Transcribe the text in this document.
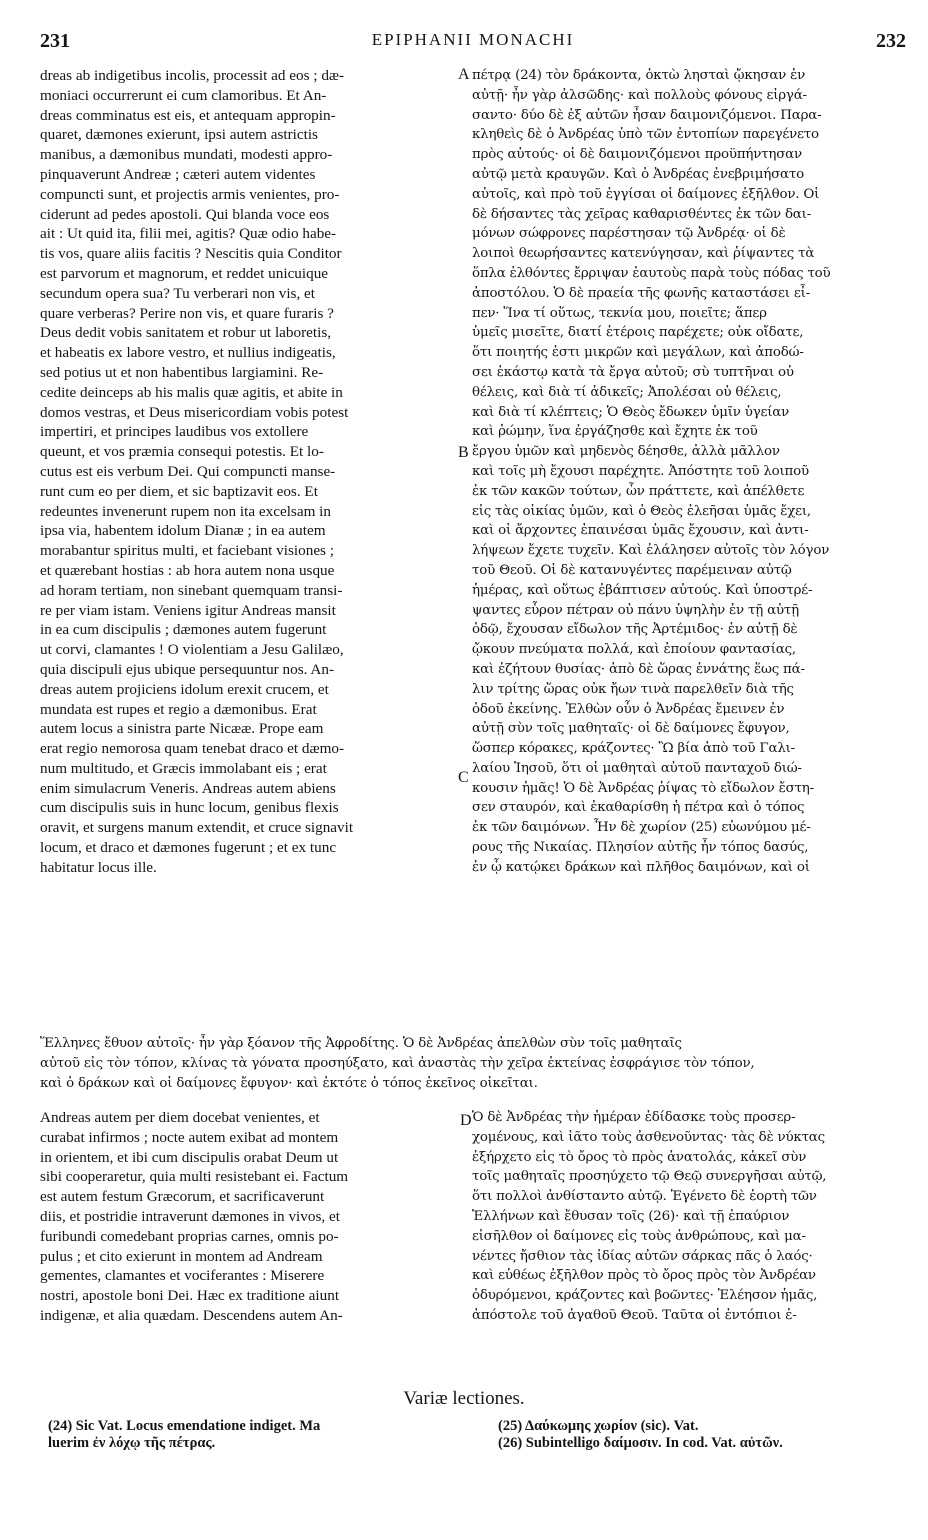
231	EPIPHANII MONACHI	232
dreas ab indigetibus incolis, processit ad eos ; dæ-
moniaci occurrerunt ei cum clamoribus. Et An-
dreas comminatus est eis, et antequam appropin-
quaret, dæmones exierunt, ipsi autem astrictis
manibus, a dæmonibus mundati, modesti appro-
pinquaverunt Andreæ ; cæteri autem videntes
compuncti sunt, et projectis armis venientes, pro-
ciderunt ad pedes apostoli. Qui blanda voce eos
ait : Ut quid ita, filii mei, agitis? Quæ odio habe-
tis vos, quare aliis facitis ? Nescitis quia Conditor
est parvorum et magnorum, et reddet unicuique
secundum opera sua? Tu verberari non vis, et
quare verberas? Perire non vis, et quare furaris ?
Deus dedit vobis sanitatem et robur ut laboretis,
et habeatis ex labore vestro, et nullius indigeatis,
sed potius ut et non habentibus largiamini. Re-
cedite deinceps ab his malis quæ agitis, et abite in
domos vestras, et Deus misericordiam vobis potest
impertiri, et principes laudibus vos extollere
queunt, et vos præmia consequi potestis. Et lo-
cutus est eis verbum Dei. Qui compuncti manse-
runt cum eo per diem, et sic baptizavit eos. Et
redeuntes invenerunt rupem non ita excelsam in
ipsa via, habentem idolum Dianæ ; in ea autem
morabantur spiritus multi, et faciebant visiones ;
et quærebant hostias : ab hora autem nona usque
ad horam tertiam, non sinebant quemquam transi-
re per viam istam. Veniens igitur Andreas mansit
in ea cum discipulis ; dæmones autem fugerunt
ut corvi, clamantes ! O violentiam a Jesu Galilæo,
quia discipuli ejus ubique persequuntur nos. An-
dreas autem projiciens idolum erexit crucem, et
mundata est rupes et regio a dæmonibus. Erat
autem locus a sinistra parte Nicææ. Prope eam
erat regio nemorosa quam tenebat draco et dæmo-
num multitudo, et Græcis immolabant eis ; erat
enim simulacrum Veneris. Andreas autem abiens
cum discipulis suis in hunc locum, genibus flexis
oravit, et surgens manum extendit, et cruce signavit
locum, et draco et dæmones fugerunt ; et ex tunc
habitatur locus ille.
πέτρᾳ (24) τὸν δράκοντα, ὀκτὼ λησταὶ ᾤκησαν ἐν
αὐτῇ· ἦν γὰρ ἀλσῶδης· καὶ πολλοὺς φόνους εἰργά-
σαντο· δύο δὲ ἐξ αὐτῶν ἦσαν δαιμονιζόμενοι. Παρα-
κληθεὶς δὲ ὁ Ἀνδρέας ὑπὸ τῶν ἐντοπίων παρεγένετο
πρὸς αὐτούς· οἱ δὲ δαιμονιζόμενοι προϋπήντησαν
αὐτῷ μετὰ κραυγῶν. Καὶ ὁ Ἀνδρέας ἐνεβριμήσατο
αὐτοῖς, καὶ πρὸ τοῦ ἐγγίσαι οἱ δαίμονες ἐξῆλθον. Οἱ
δὲ δήσαντες τὰς χεῖρας καθαρισθέντες ἐκ τῶν δαι-
μόνων σώφρονες παρέστησαν τῷ Ἀνδρέᾳ· οἱ δὲ
λοιποὶ θεωρήσαντες κατενύγησαν, καὶ ῥίψαντες τὰ
ὅπλα ἐλθόντες ἔρριψαν ἑαυτοὺς παρὰ τοὺς πόδας τοῦ
ἀποστόλου. Ὁ δὲ πραεία τῆς φωνῆς καταστάσει εἶ-
πεν· Ἵνα τί οὕτως, τεκνία μου, ποιεῖτε; ἅπερ
ὑμεῖς μισεῖτε, διατί ἑτέροις παρέχετε; οὐκ οἴδατε,
ὅτι ποιητής ἐστι μικρῶν καὶ μεγάλων, καὶ ἀποδώ-
σει ἑκάστῳ κατὰ τὰ ἔργα αὐτοῦ; σὺ τυπτῆναι οὐ
θέλεις, καὶ διὰ τί ἀδικεῖς; Ἀπολέσαι οὐ θέλεις,
καὶ διὰ τί κλέπτεις; Ὁ Θεὸς ἔδωκεν ὑμῖν ὑγείαν
καὶ ῥώμην, ἵνα ἐργάζησθε καὶ ἔχητε ἐκ τοῦ
ἔργου ὑμῶν καὶ μηδενὸς δέησθε, ἀλλὰ μᾶλλον
καὶ τοῖς μὴ ἔχουσι παρέχητε. Ἀπόστητε τοῦ λοιποῦ
ἐκ τῶν κακῶν τούτων, ὧν πράττετε, καὶ ἀπέλθετε
εἰς τὰς οἰκίας ὑμῶν, καὶ ὁ Θεὸς ἐλεῆσαι ὑμᾶς ἔχει,
καὶ οἱ ἄρχοντες ἐπαινέσαι ὑμᾶς ἔχουσιν, καὶ ἀντι-
λήψεων ἔχετε τυχεῖν. Καὶ ἐλάλησεν αὐτοῖς τὸν λόγον
τοῦ Θεοῦ. Οἱ δὲ κατανυγέντες παρέμειναν αὐτῷ
ἡμέρας, καὶ οὕτως ἐβάπτισεν αὐτούς. Καὶ ὑποστρέ-
ψαντες εὗρον πέτραν οὐ πάνυ ὑψηλὴν ἐν τῇ αὐτῇ
ὁδῷ, ἔχουσαν εἴδωλον τῆς Ἀρτέμιδος· ἐν αὐτῇ δὲ
ᾤκουν πνεύματα πολλά, καὶ ἐποίουν φαντασίας,
καὶ ἐζήτουν θυσίας· ἀπὸ δὲ ὥρας ἐννάτης ἕως πά-
λιν τρίτης ὥρας οὐκ ἤων τινὰ παρελθεῖν διὰ τῆς
ὁδοῦ ἐκείνης. Ἐλθὼν οὖν ὁ Ἀνδρέας ἔμεινεν ἐν
αὐτῇ σὺν τοῖς μαθηταῖς· οἱ δὲ δαίμονες ἔφυγον,
ὥσπερ κόρακες, κράζοντες· Ὢ βία ἀπὸ τοῦ Γαλι-
λαίου Ἰησοῦ, ὅτι οἱ μαθηταὶ αὐτοῦ πανταχοῦ διώ-
κουσιν ἡμᾶς! Ὁ δὲ Ἀνδρέας ῥίψας τὸ εἴδωλον ἔστη-
σεν σταυρόν, καὶ ἐκαθαρίσθη ἡ πέτρα καὶ ὁ τόπος
ἐκ τῶν δαιμόνων. Ἦν δὲ χωρίον (25) εὐωνύμου μέ-
ρους τῆς Νικαίας. Πλησίον αὐτῆς ἦν τόπος δασύς,
ἐν ᾧ κατῴκει δράκων καὶ πλῆθος δαιμόνων, καὶ οἱ
A
B
C
D
Ἕλληνες ἔθυον αὐτοῖς· ἦν γὰρ ξόανον τῆς Ἀφροδίτης. Ὁ δὲ Ἀνδρέας ἀπελθὼν σὺν τοῖς μαθηταῖς
αὐτοῦ εἰς τὸν τόπον, κλίνας τὰ γόνατα προσηύξατο, καὶ ἀναστὰς τὴν χεῖρα ἐκτείνας ἐσφράγισε τὸν τόπον,
καὶ ὁ δράκων καὶ οἱ δαίμονες ἔφυγον· καὶ ἐκτότε ὁ τόπος ἐκεῖνος οἰκεῖται.
Andreas autem per diem docebat venientes, et
curabat infirmos ; nocte autem exibat ad montem
in orientem, et ibi cum discipulis orabat Deum ut
sibi cooperaretur, quia multi resistebant ei. Factum
est autem festum Græcorum, et sacrificaverunt
diis, et postridie intraverunt dæmones in vivos, et
furibundi comedebant proprias carnes, omnis po-
pulus ; et cito exierunt in montem ad Andream
gementes, clamantes et vociferantes : Miserere
nostri, apostole boni Dei. Hæc ex traditione aiunt
indigenæ, et alia quædam. Descendens autem An-
Ὁ δὲ Ἀνδρέας τὴν ἡμέραν ἐδίδασκε τοὺς προσερ-
χομένους, καὶ ἰᾶτο τοὺς ἀσθενοῦντας· τὰς δὲ νύκτας
ἐξήρχετο εἰς τὸ ὄρος τὸ πρὸς ἀνατολάς, κἀκεῖ σὺν
τοῖς μαθηταῖς προσηύχετο τῷ Θεῷ συνεργῆσαι αὐτῷ,
ὅτι πολλοὶ ἀνθίσταντο αὐτῷ. Ἐγένετο δὲ ἑορτὴ τῶν
Ἑλλήνων καὶ ἔθυσαν τοῖς (26)· καὶ τῇ ἐπαύριον
εἰσῆλθον οἱ δαίμονες εἰς τοὺς ἀνθρώπους, καὶ μα-
νέντες ἤσθιον τὰς ἰδίας αὐτῶν σάρκας πᾶς ὁ λαός·
καὶ εὐθέως ἐξῆλθον πρὸς τὸ ὄρος πρὸς τὸν Ἀνδρέαν
ὀδυρόμενοι, κράζοντες καὶ βοῶντες· Ἐλέησον ἡμᾶς,
ἀπόστολε τοῦ ἀγαθοῦ Θεοῦ. Ταῦτα οἱ ἐντόπιοι ἐ-
Variæ lectiones.
(24) Sic Vat. Locus emendatione indiget. Ma
luerim ἐν λόχῳ τῆς πέτρας.
(25) Δαύκωμης χωρίον (sic). Vat.
(26) Subintelligo δαίμοσιν. In cod. Vat. αὐτῶν.
